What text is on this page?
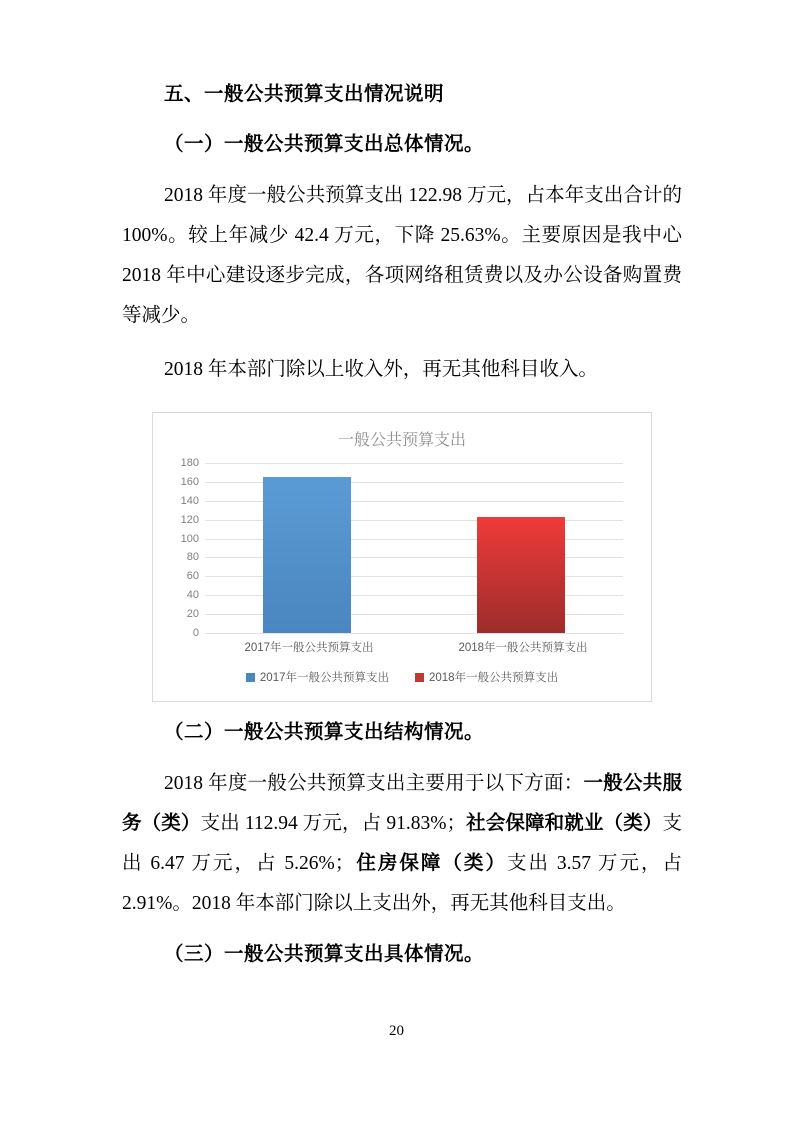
五、一般公共预算支出情况说明
（一）一般公共预算支出总体情况。

2018 年度一般公共预算支出 122.98 万元，占本年支出合计的 100%。较上年减少 42.4 万元，下降 25.63%。主要原因是我中心 2018 年中心建设逐步完成，各项网络租赁费以及办公设备购置费等减少。

2018 年本部门除以上收入外，再无其他科目收入。

一般公共预算支出
180
160
140
120
100
80
60
40
20
0
2017年一般公共预算支出	2018年一般公共预算支出
2017年一般公共预算支出	2018年一般公共预算支出
（二）一般公共预算支出结构情况。

2018 年度一般公共预算支出主要用于以下方面：一般公共服务（类）支出 112.94 万元，占 91.83%；社会保障和就业（类）支出 6.47 万元，占 5.26%；住房保障（类）支出 3.57 万元，占 2.91%。2018 年本部门除以上支出外，再无其他科目支出。

（三）一般公共预算支出具体情况。
20
